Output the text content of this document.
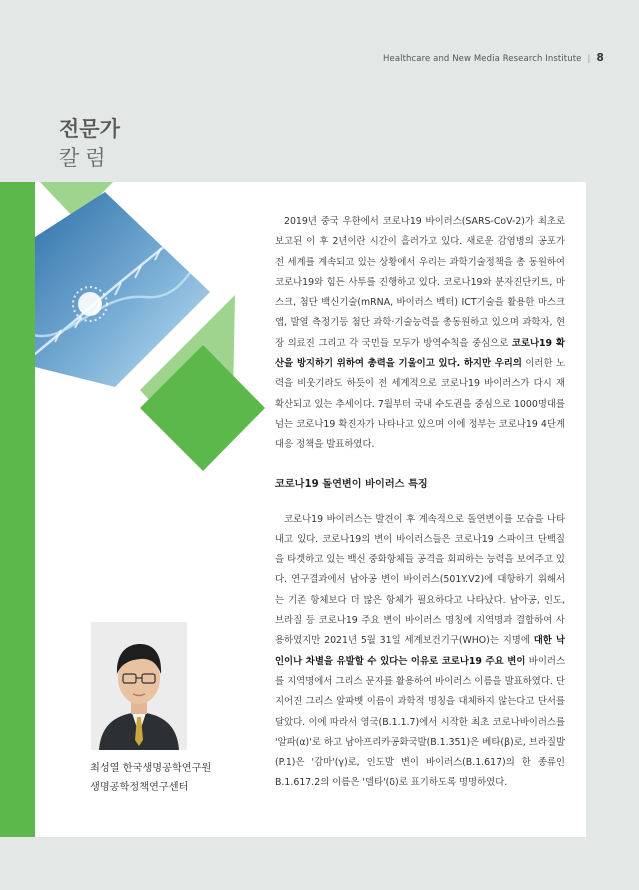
Healthcare and New Media Research Institute | 8
전문가
칼럼

2019년 중국 우한에서 코로나19 바이러스(SARS-CoV-2)가 최초로 보고된 이 후 2년이란 시간이 흘러가고 있다. 새로운 감염병의 공포가 전 세계를 계속되고 있는 상황에서 우리는 과학기술정책을 총 동원하여 코로나19와 힘든 사투를 진행하고 있다. 코로나19와 분자진단키트, 마스크, 첨단 백신기술(mRNA, 바이러스 벡터) ICT기술을 활용한 마스크앱, 발열 측정기등 첨단 과학·기술능력을 총동원하고 있으며 과학자, 현장 의료진 그리고 각 국민들 모두가 방역수칙을 중심으로 코로나19 확산을 방지하기 위하여 총력을 기울이고 있다. 하지만 우리의 이러한 노력을 비웃기라도 하듯이 전 세계적으로 코로나19 바이러스가 다시 재 확산되고 있는 추세이다. 7월부터 국내 수도권을 중심으로 1000명대를 넘는 코로나19 확진자가 나타나고 있으며 이에 정부는 코로나19 4단계 대응 정책을 발표하였다.

코로나19 돌연변이 바이러스 특징

코로나19 바이러스는 발견이 후 계속적으로 돌연변이를 모습을 나타내고 있다. 코로나19의 변이 바이러스들은 코로나19 스파이크 단백질을 타겟하고 있는 백신 중화항체들 공격을 회피하는 능력을 보여주고 있다. 연구결과에서 남아공 변이 바이러스(501Y.V2)에 대항하기 위해서는 기존 항체보다 더 많은 항체가 필요하다고 나타났다. 남아공, 인도, 브라질 등 코로나19 주요 변이 바이러스 명칭에 지역명과 결합하여 사용하였지만 2021년 5월 31일 세계보건기구(WHO)는 지명에 대한 낙인이나 차별을 유발할 수 있다는 이유로 코로나19 주요 변이 바이러스를 지역명에서 그리스 문자를 활용하여 바이러스 이름을 발표하였다. 단 지어진 그리스 알파벳 이름이 과학적 명칭을 대체하지 않는다고 단서를 달았다. 이에 따라서 영국(B.1.1.7)에서 시작한 최초 코로나바이러스를 '알파(α)'로 하고 남아프리카공화국발(B.1.351)은 베타(β)로, 브라질발(P.1)은 '감마'(γ)로, 인도발 변이 바이러스(B.1.617)의 한 종류인 B.1.617.2의 이름은 '델타'(δ)로 표기하도록 명명하였다.

최성열 한국생명공학연구원
생명공학정책연구센터
